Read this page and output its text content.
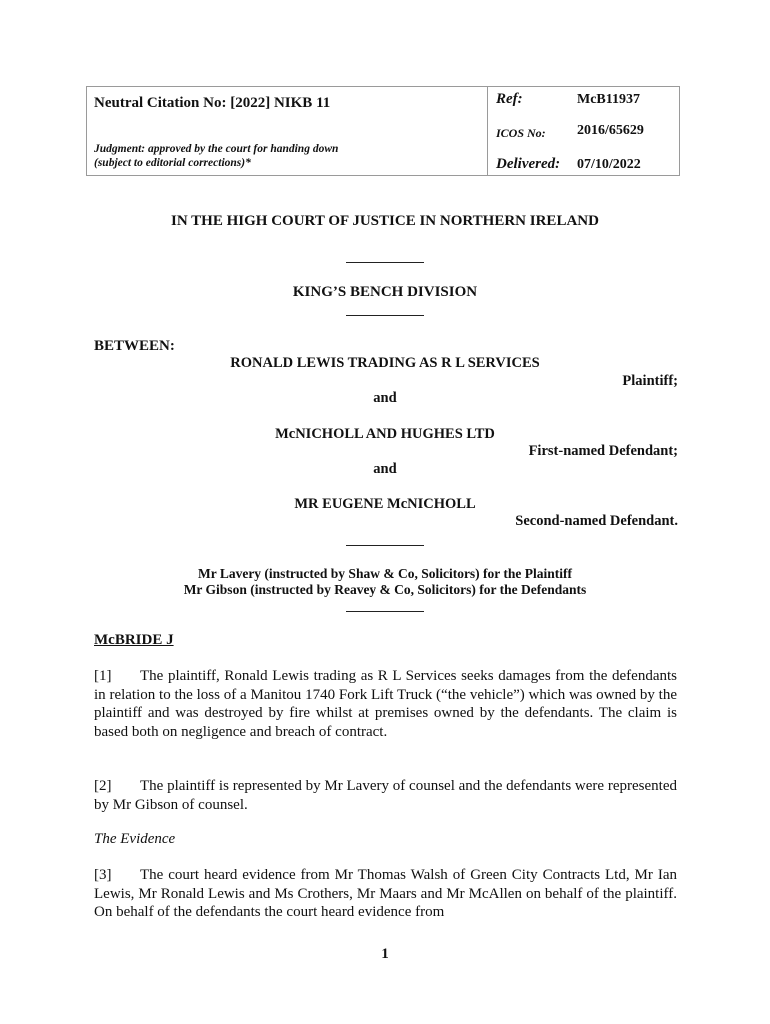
Neutral Citation No: [2022] NIKB 11
Judgment: approved by the court for handing down
(subject to editorial corrections)*
Ref:	McB11937
ICOS No: 2016/65629
Delivered: 07/10/2022
IN THE HIGH COURT OF JUSTICE IN NORTHERN IRELAND
KING’S BENCH DIVISION
BETWEEN:
RONALD LEWIS TRADING AS R L SERVICES
Plaintiff;
and
McNICHOLL AND HUGHES LTD
First-named Defendant;
and
MR EUGENE McNICHOLL
Second-named Defendant.
Mr Lavery (instructed by Shaw & Co, Solicitors) for the Plaintiff
Mr Gibson (instructed by Reavey & Co, Solicitors) for the Defendants
McBRIDE J

[1] The plaintiff, Ronald Lewis trading as R L Services seeks damages from the defendants in relation to the loss of a Manitou 1740 Fork Lift Truck (“the vehicle”) which was owned by the plaintiff and was destroyed by fire whilst at premises owned by the defendants. The claim is based both on negligence and breach of contract.

[2] The plaintiff is represented by Mr Lavery of counsel and the defendants were represented by Mr Gibson of counsel.

The Evidence

[3] The court heard evidence from Mr Thomas Walsh of Green City Contracts Ltd, Mr Ian Lewis, Mr Ronald Lewis and Ms Crothers, Mr Maars and Mr McAllen on behalf of the plaintiff. On behalf of the defendants the court heard evidence from

1
